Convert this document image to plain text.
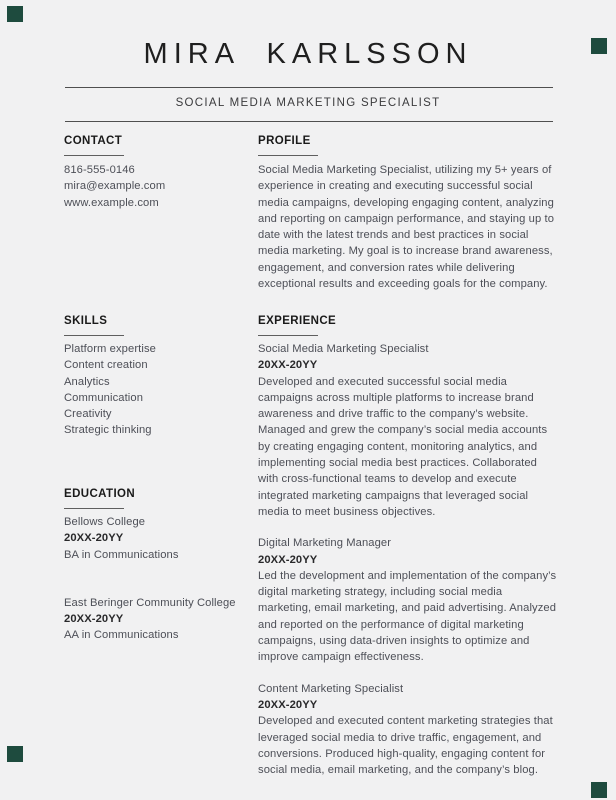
MIRA KARLSSON
SOCIAL MEDIA MARKETING SPECIALIST
CONTACT
816-555-0146
mira@example.com
www.example.com
PROFILE
Social Media Marketing Specialist, utilizing my 5+ years of experience in creating and executing successful social media campaigns, developing engaging content, analyzing and reporting on campaign performance, and staying up to date with the latest trends and best practices in social media marketing. My goal is to increase brand awareness, engagement, and conversion rates while delivering exceptional results and exceeding goals for the company.
SKILLS
Platform expertise
Content creation
Analytics
Communication
Creativity
Strategic thinking
EXPERIENCE
Social Media Marketing Specialist
20XX-20YY
Developed and executed successful social media campaigns across multiple platforms to increase brand awareness and drive traffic to the company’s website. Managed and grew the company’s social media accounts by creating engaging content, monitoring analytics, and implementing social media best practices. Collaborated with cross-functional teams to develop and execute integrated marketing campaigns that leveraged social media to meet business objectives.
Digital Marketing Manager
20XX-20YY
Led the development and implementation of the company’s digital marketing strategy, including social media marketing, email marketing, and paid advertising. Analyzed and reported on the performance of digital marketing campaigns, using data-driven insights to optimize and improve campaign effectiveness.
Content Marketing Specialist
20XX-20YY
Developed and executed content marketing strategies that leveraged social media to drive traffic, engagement, and conversions. Produced high-quality, engaging content for social media, email marketing, and the company’s blog.
EDUCATION
Bellows College
20XX-20YY
BA in Communications
East Beringer Community College
20XX-20YY
AA in Communications
